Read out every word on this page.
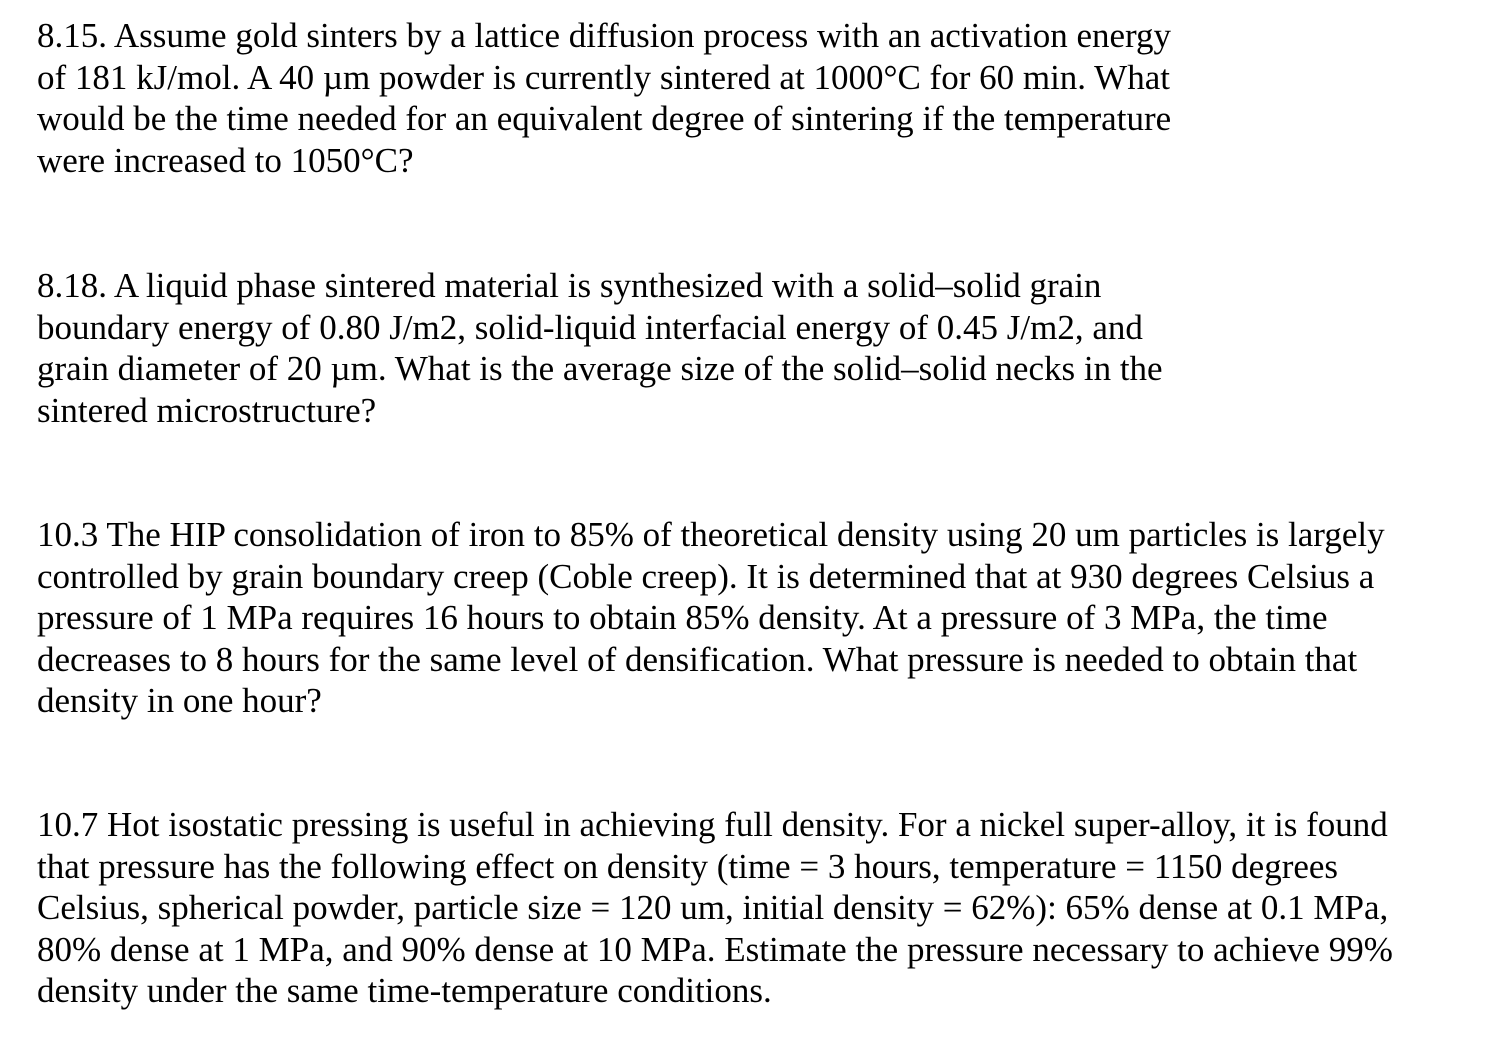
8.15. Assume gold sinters by a lattice diffusion process with an activation energy
of 181 kJ/mol. A 40 µm powder is currently sintered at 1000°C for 60 min. What
would be the time needed for an equivalent degree of sintering if the temperature
were increased to 1050°C?

8.18. A liquid phase sintered material is synthesized with a solid–solid grain
boundary energy of 0.80 J/m2, solid-liquid interfacial energy of 0.45 J/m2, and
grain diameter of 20 µm. What is the average size of the solid–solid necks in the
sintered microstructure?

10.3 The HIP consolidation of iron to 85% of theoretical density using 20 um particles is largely
controlled by grain boundary creep (Coble creep). It is determined that at 930 degrees Celsius a
pressure of 1 MPa requires 16 hours to obtain 85% density. At a pressure of 3 MPa, the time
decreases to 8 hours for the same level of densification. What pressure is needed to obtain that
density in one hour?

10.7 Hot isostatic pressing is useful in achieving full density. For a nickel super-alloy, it is found
that pressure has the following effect on density (time = 3 hours, temperature = 1150 degrees
Celsius, spherical powder, particle size = 120 um, initial density = 62%): 65% dense at 0.1 MPa,
80% dense at 1 MPa, and 90% dense at 10 MPa. Estimate the pressure necessary to achieve 99%
density under the same time-temperature conditions.
